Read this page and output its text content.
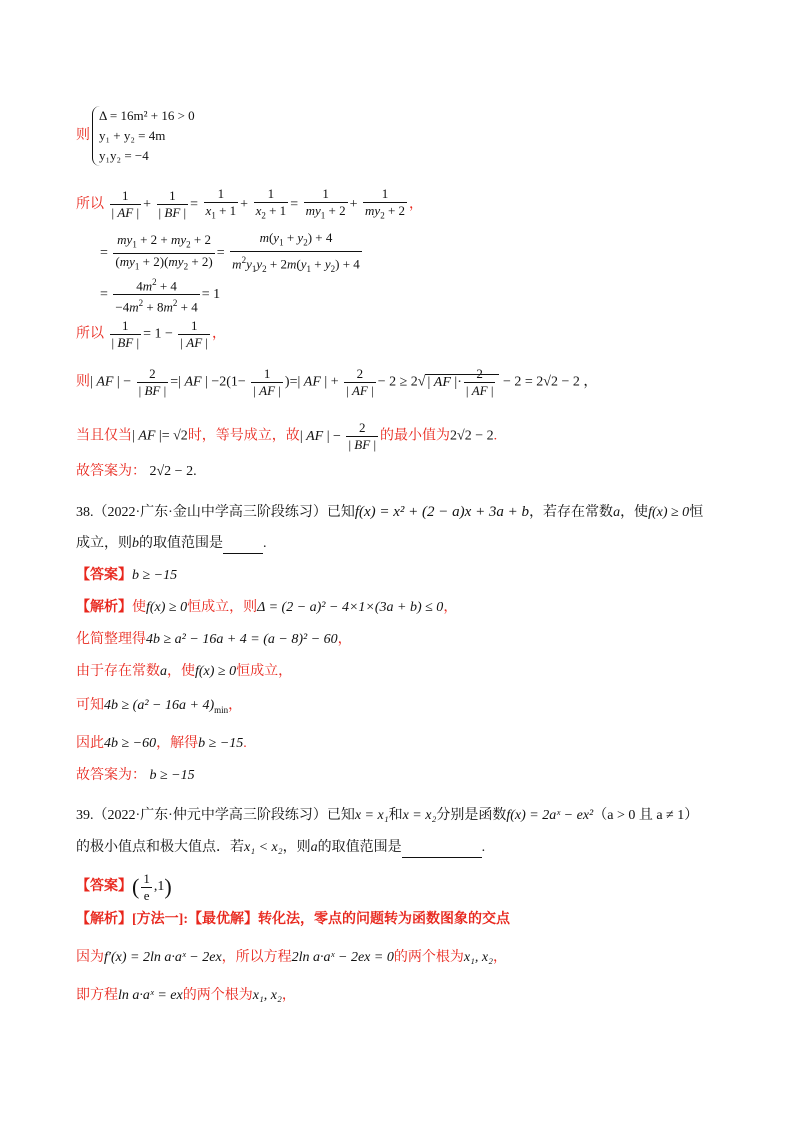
则
Δ = 16m² + 16 > 0
y₁ + y₂ = 4m
y₁y₂ = −4
所以 $\frac{1}{| AF |} + \frac{1}{| BF |} = \frac{1}{x_1 + 1} + \frac{1}{x_2 + 1} = \frac{1}{my_1 + 2} + \frac{1}{my_2 + 2}$ ，
= $\frac{my_1 + 2 + my_2 + 2}{(my_1 + 2)(my_2 + 2)} = \frac{m(y_1 + y_2) + 4}{m^2y_1y_2 + 2m(y_1 + y_2) + 4}$
= $\frac{4m^2 + 4}{-4m^2 + 8m^2 + 4} = 1$
所以 $\frac{1}{| BF |} = 1 - \frac{1}{| AF |}$ ，
则| AF | − $\frac{2}{| BF |}$ =| AF | $-2(1- \frac{1}{| AF |}$ )=| AF | + $\frac{2}{| AF |} - 2 \ge 2√$ | AF |· $\frac{2}{| AF |} - 2 = 2√2 - 2$ ，
当且仅当| AF |= √2时，等号成立，故| AF | − $\frac{2}{| BF |}$ 的最小值为2√2 − 2.
故答案为： 2√2 − 2.
38.（2022·广东·金山中学高三阶段练习）已知f(x) = x² + (2 − a)x + 3a + b，若存在常数a，使f(x) ≥ 0恒
成立，则b的取值范围是	.
【答案】b ≥ −15
【解析】使f(x) ≥ 0恒成立，则Δ = (2 − a)² − 4×1×(3a + b) ≤ 0，
化简整理得4b ≥ a² − 16a + 4 = (a − 8)² − 60，
由于存在常数a，使f(x) ≥ 0恒成立，
可知$4b \ge (a^2 - 16a + 4)_{min}$，
因此4b ≥ −60，解得b ≥ −15.
故答案为： b ≥ −15
39.（2022·广东·仲元中学高三阶段练习）已知x = x₁和x = x₂分别是函数f(x) = 2aˣ − ex²（a > 0 且 a ≠ 1）
的极小值点和极大值点．若x₁ < x₂，则a的取值范围是	.
【答案】( $\frac{1}{e} ,1$)
【解析】[方法一]:【最优解】转化法，零点的问题转为函数图象的交点
因为f′(x) = 2ln a·aˣ − 2ex，所以方程2ln a·aˣ − 2ex = 0的两个根为x₁, x₂，
即方程ln a·aˣ = ex的两个根为x₁, x₂，
